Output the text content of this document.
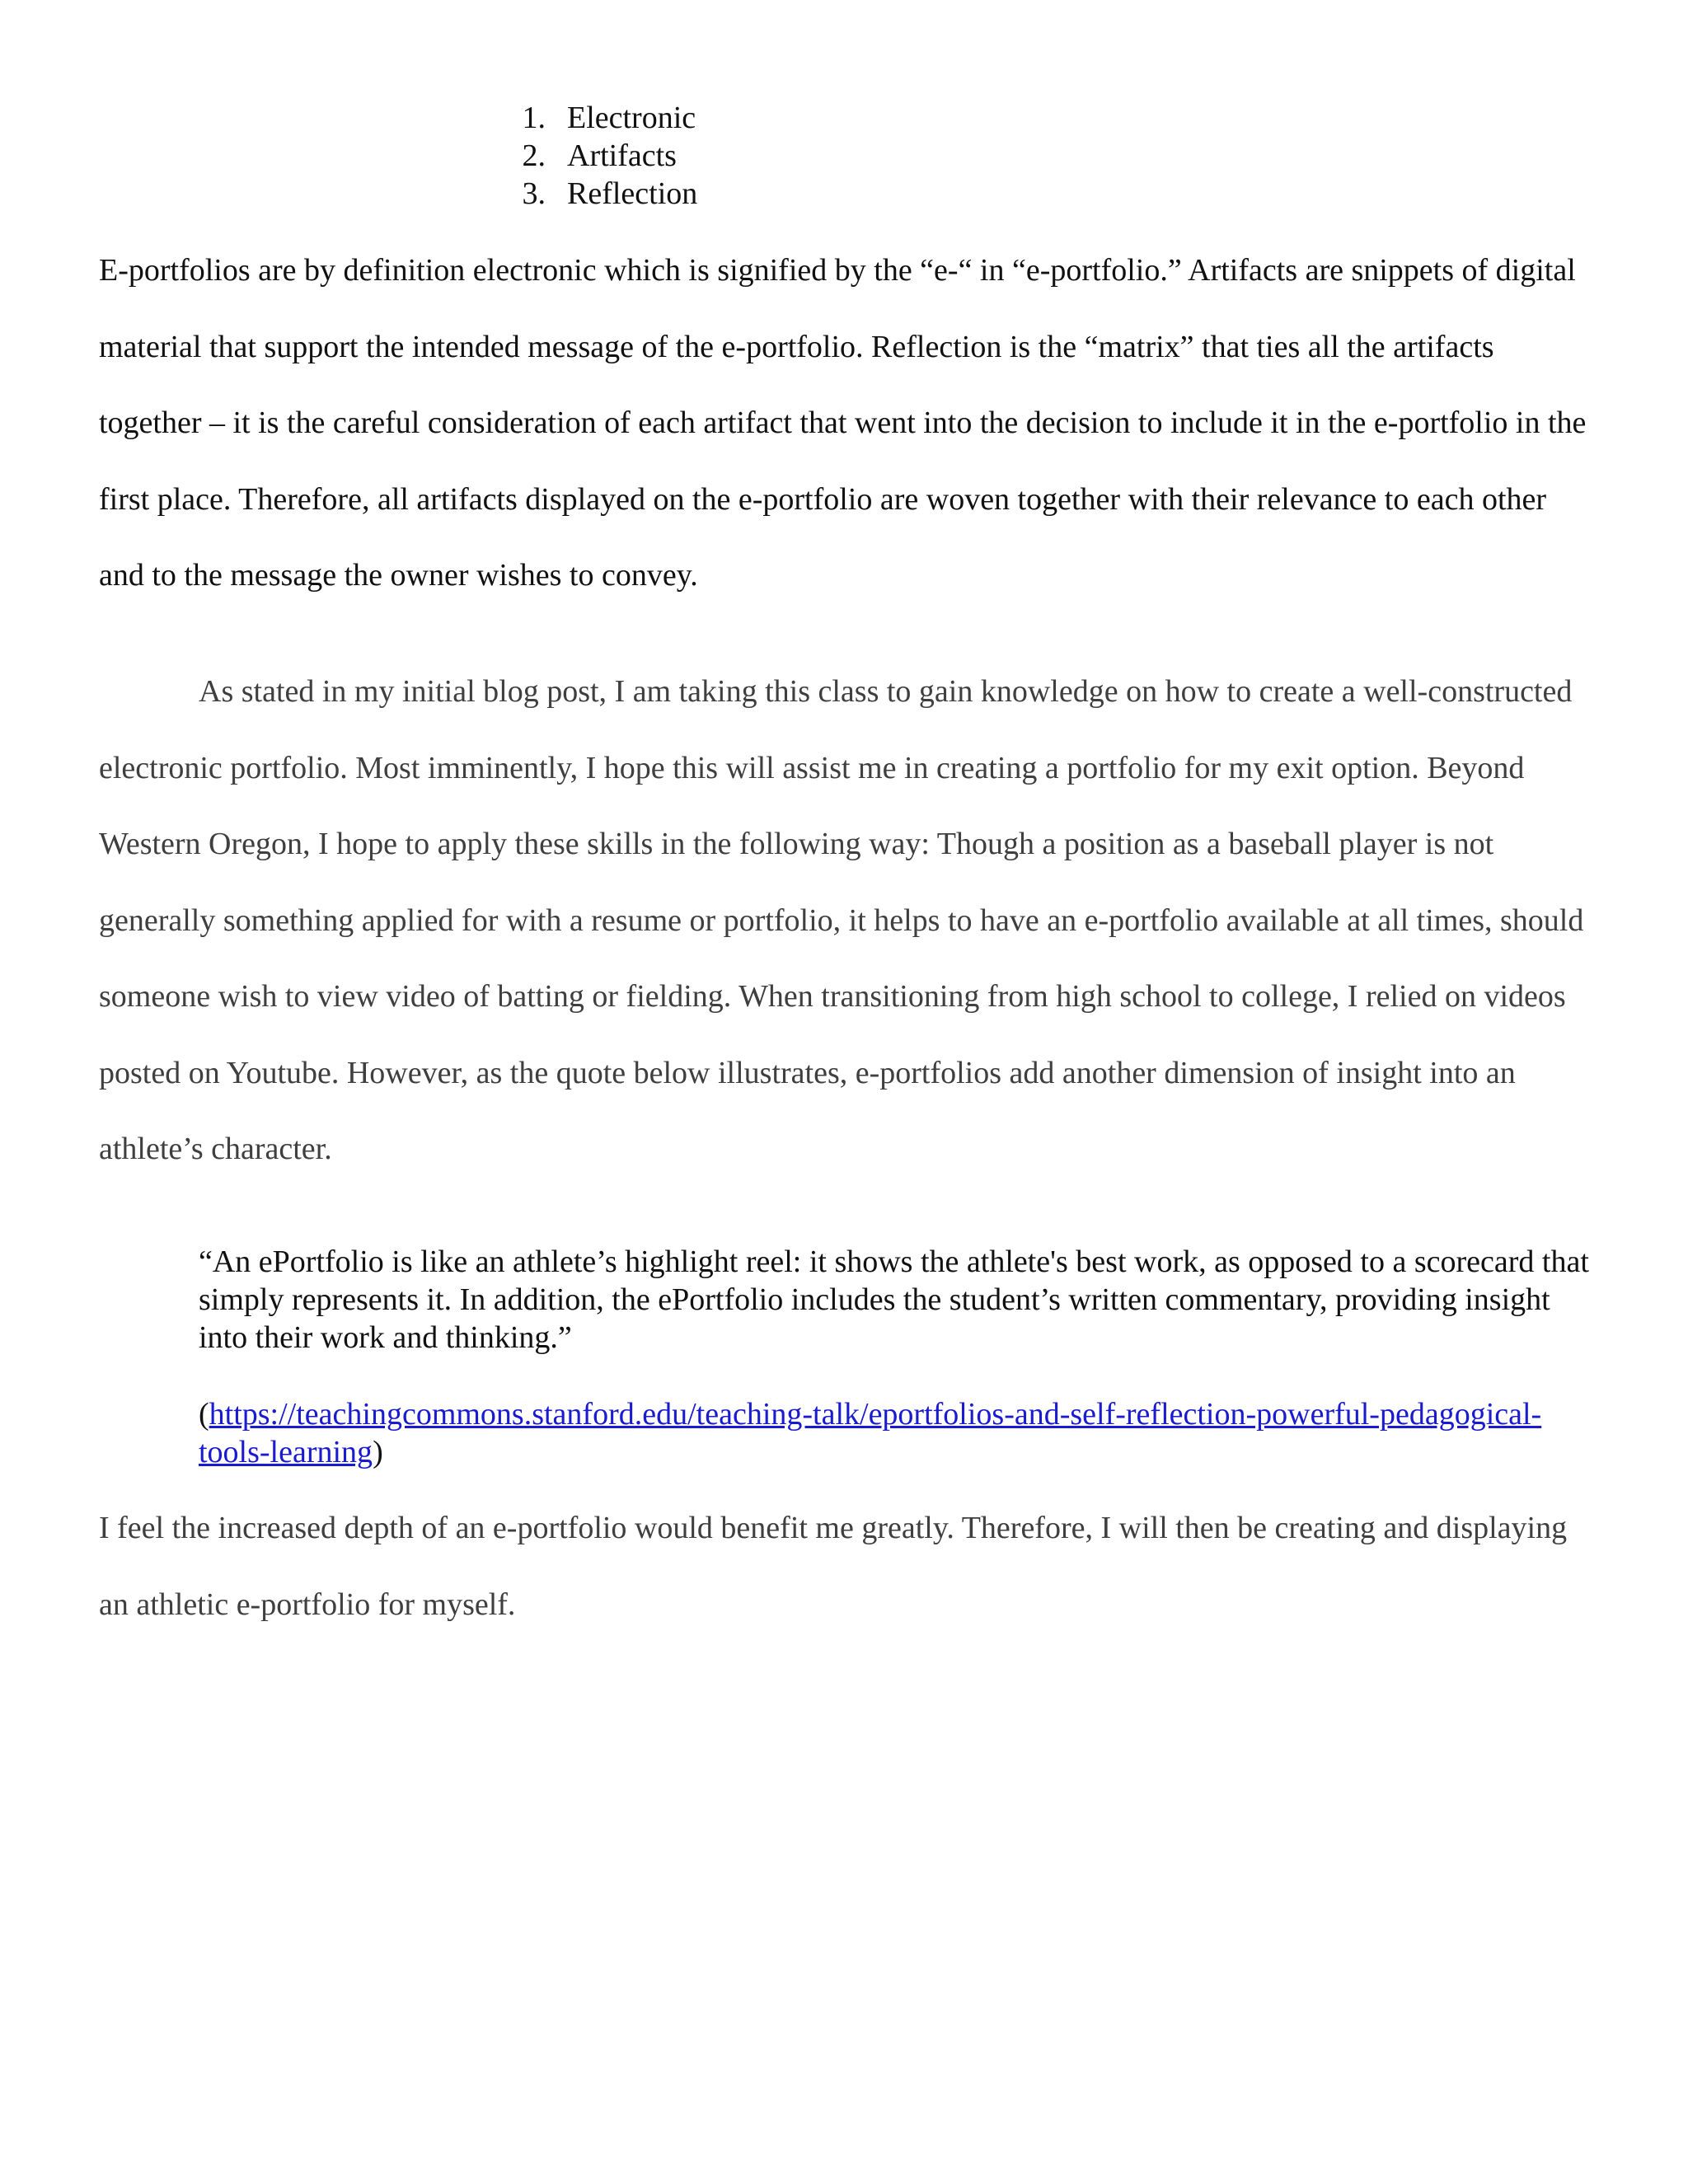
1. Electronic
2. Artifacts
3. Reflection

E-portfolios are by definition electronic which is signified by the “e-“ in “e-portfolio.” Artifacts are snippets of digital material that support the intended message of the e-portfolio. Reflection is the “matrix” that ties all the artifacts together – it is the careful consideration of each artifact that went into the decision to include it in the e-portfolio in the first place. Therefore, all artifacts displayed on the e-portfolio are woven together with their relevance to each other and to the message the owner wishes to convey.

As stated in my initial blog post, I am taking this class to gain knowledge on how to create a well-constructed electronic portfolio. Most imminently, I hope this will assist me in creating a portfolio for my exit option. Beyond Western Oregon, I hope to apply these skills in the following way: Though a position as a baseball player is not generally something applied for with a resume or portfolio, it helps to have an e-portfolio available at all times, should someone wish to view video of batting or fielding. When transitioning from high school to college, I relied on videos posted on Youtube. However, as the quote below illustrates, e-portfolios add another dimension of insight into an athlete’s character.

“An ePortfolio is like an athlete’s highlight reel: it shows the athlete's best work, as opposed to a scorecard that simply represents it. In addition, the ePortfolio includes the student’s written commentary, providing insight into their work and thinking.”

(https://teachingcommons.stanford.edu/teaching-talk/eportfolios-and-self-reflection-powerful-pedagogical-tools-learning)

I feel the increased depth of an e-portfolio would benefit me greatly. Therefore, I will then be creating and displaying an athletic e-portfolio for myself.
